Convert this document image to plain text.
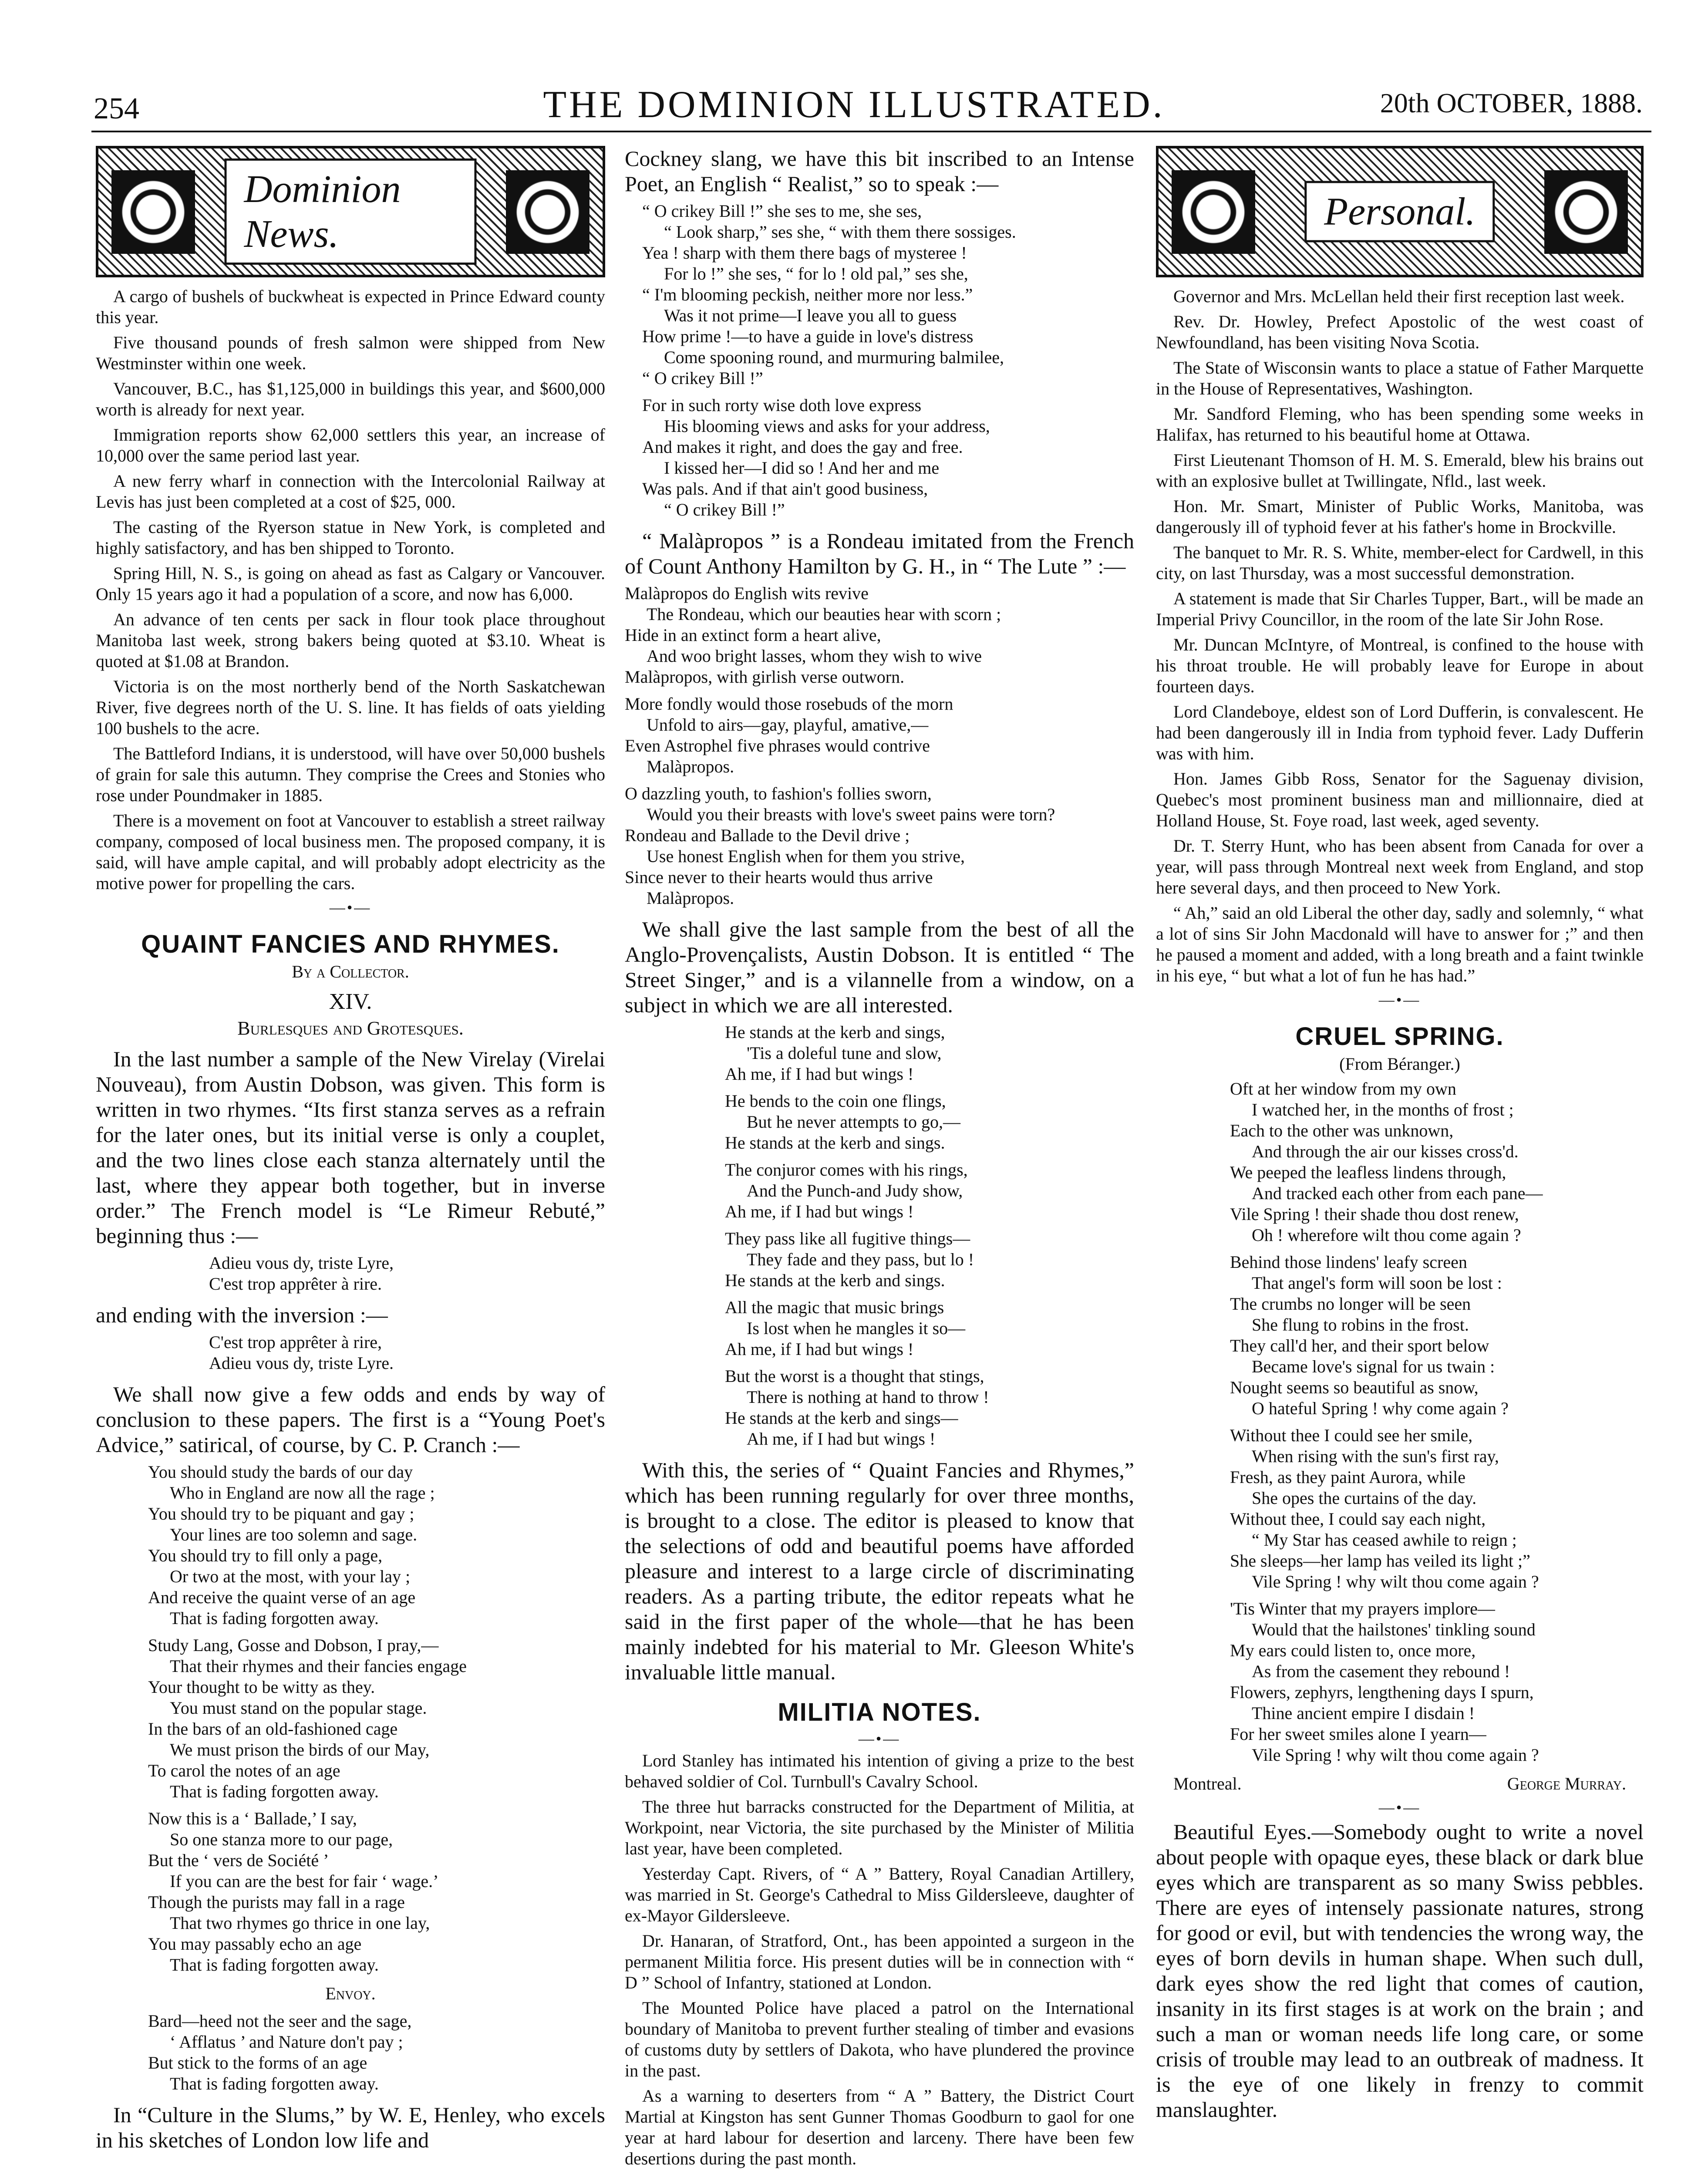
254	THE DOMINION ILLUSTRATED.	20th OCTOBER, 1888.
Dominion News.

A cargo of bushels of buckwheat is expected in Prince Edward county this year.

Five thousand pounds of fresh salmon were shipped from New Westminster within one week.

Vancouver, B.C., has $1,125,000 in buildings this year, and $600,000 worth is already for next year.

Immigration reports show 62,000 settlers this year, an increase of 10,000 over the same period last year.

A new ferry wharf in connection with the Intercolonial Railway at Levis has just been completed at a cost of $25, 000.

The casting of the Ryerson statue in New York, is completed and highly satisfactory, and has ben shipped to Toronto.

Spring Hill, N. S., is going on ahead as fast as Calgary or Vancouver. Only 15 years ago it had a population of a score, and now has 6,000.

An advance of ten cents per sack in flour took place throughout Manitoba last week, strong bakers being quoted at $3.10. Wheat is quoted at $1.08 at Brandon.

Victoria is on the most northerly bend of the North Saskatchewan River, five degrees north of the U. S. line. It has fields of oats yielding 100 bushels to the acre.

The Battleford Indians, it is understood, will have over 50,000 bushels of grain for sale this autumn. They comprise the Crees and Stonies who rose under Poundmaker in 1885.

There is a movement on foot at Vancouver to establish a street railway company, composed of local business men. The proposed company, it is said, will have ample capital, and will probably adopt electricity as the motive power for propelling the cars.

—•—
QUAINT FANCIES AND RHYMES.
By a Collector.
XIV.
Burlesques and Grotesques.

In the last number a sample of the New Virelay (Virelai Nouveau), from Austin Dobson, was given. This form is written in two rhymes. “Its first stanza serves as a refrain for the later ones, but its initial verse is only a couplet, and the two lines close each stanza alternately until the last, where they appear both together, but in inverse order.” The French model is “Le Rimeur Rebuté,” beginning thus :—

Adieu vous dy, triste Lyre,
C'est trop apprêter à rire.

and ending with the inversion :—

C'est trop apprêter à rire,
Adieu vous dy, triste Lyre.

We shall now give a few odds and ends by way of conclusion to these papers. The first is a “Young Poet's Advice,” satirical, of course, by C. P. Cranch :—

You should study the bards of our day
Who in England are now all the rage ;
You should try to be piquant and gay ;
Your lines are too solemn and sage.
You should try to fill only a page,
Or two at the most, with your lay ;
And receive the quaint verse of an age
That is fading forgotten away.
Study Lang, Gosse and Dobson, I pray,—
That their rhymes and their fancies engage
Your thought to be witty as they.
You must stand on the popular stage.
In the bars of an old-fashioned cage
We must prison the birds of our May,
To carol the notes of an age
That is fading forgotten away.
Now this is a ‘ Ballade,’ I say,
So one stanza more to our page,
But the ‘ vers de Société ’
If you can are the best for fair ‘ wage.’
Though the purists may fall in a rage
That two rhymes go thrice in one lay,
You may passably echo an age
That is fading forgotten away.
Envoy.
Bard—heed not the seer and the sage,
‘ Afflatus ’ and Nature don't pay ;
But stick to the forms of an age
That is fading forgotten away.

In “Culture in the Slums,” by W. E, Henley, who excels in his sketches of London low life and

Cockney slang, we have this bit inscribed to an Intense Poet, an English “ Realist,” so to speak :—

“ O crikey Bill !” she ses to me, she ses,
“ Look sharp,” ses she, “ with them there sossiges.
Yea ! sharp with them there bags of mysteree !
For lo !” she ses, “ for lo ! old pal,” ses she,
“ I'm blooming peckish, neither more nor less.”
Was it not prime—I leave you all to guess
How prime !—to have a guide in love's distress
Come spooning round, and murmuring balmilee,
“ O crikey Bill !”
For in such rorty wise doth love express
His blooming views and asks for your address,
And makes it right, and does the gay and free.
I kissed her—I did so ! And her and me
Was pals. And if that ain't good business,
“ O crikey Bill !”

“ Malàpropos ” is a Rondeau imitated from the French of Count Anthony Hamilton by G. H., in “ The Lute ” :—

Malàpropos do English wits revive
The Rondeau, which our beauties hear with scorn ;
Hide in an extinct form a heart alive,
And woo bright lasses, whom they wish to wive
Malàpropos, with girlish verse outworn.
More fondly would those rosebuds of the morn
Unfold to airs—gay, playful, amative,—
Even Astrophel five phrases would contrive
Malàpropos.
O dazzling youth, to fashion's follies sworn,
Would you their breasts with love's sweet pains were torn?
Rondeau and Ballade to the Devil drive ;
Use honest English when for them you strive,
Since never to their hearts would thus arrive
Malàpropos.

We shall give the last sample from the best of all the Anglo-Provençalists, Austin Dobson. It is entitled “ The Street Singer,” and is a vilannelle from a window, on a subject in which we are all interested.

He stands at the kerb and sings,
'Tis a doleful tune and slow,
Ah me, if I had but wings !
He bends to the coin one flings,
But he never attempts to go,—
He stands at the kerb and sings.
The conjuror comes with his rings,
And the Punch-and Judy show,
Ah me, if I had but wings !
They pass like all fugitive things—
They fade and they pass, but lo !
He stands at the kerb and sings.
All the magic that music brings
Is lost when he mangles it so—
Ah me, if I had but wings !
But the worst is a thought that stings,
There is nothing at hand to throw !
He stands at the kerb and sings—
Ah me, if I had but wings !

With this, the series of “ Quaint Fancies and Rhymes,” which has been running regularly for over three months, is brought to a close. The editor is pleased to know that the selections of odd and beautiful poems have afforded pleasure and interest to a large circle of discriminating readers. As a parting tribute, the editor repeats what he said in the first paper of the whole—that he has been mainly indebted for his material to Mr. Gleeson White's invaluable little manual.

MILITIA NOTES.
—•—

Lord Stanley has intimated his intention of giving a prize to the best behaved soldier of Col. Turnbull's Cavalry School.

The three hut barracks constructed for the Department of Militia, at Workpoint, near Victoria, the site purchased by the Minister of Militia last year, have been completed.

Yesterday Capt. Rivers, of “ A ” Battery, Royal Canadian Artillery, was married in St. George's Cathedral to Miss Gildersleeve, daughter of ex-Mayor Gildersleeve.

Dr. Hanaran, of Stratford, Ont., has been appointed a surgeon in the permanent Militia force. His present duties will be in connection with “ D ” School of Infantry, stationed at London.

The Mounted Police have placed a patrol on the International boundary of Manitoba to prevent further stealing of timber and evasions of customs duty by settlers of Dakota, who have plundered the province in the past.

As a warning to deserters from “ A ” Battery, the District Court Martial at Kingston has sent Gunner Thomas Goodburn to gaol for one year at hard labour for desertion and larceny. There have been few desertions during the past month.

Personal.

Governor and Mrs. McLellan held their first reception last week.

Rev. Dr. Howley, Prefect Apostolic of the west coast of Newfoundland, has been visiting Nova Scotia.

The State of Wisconsin wants to place a statue of Father Marquette in the House of Representatives, Washington.

Mr. Sandford Fleming, who has been spending some weeks in Halifax, has returned to his beautiful home at Ottawa.

First Lieutenant Thomson of H. M. S. Emerald, blew his brains out with an explosive bullet at Twillingate, Nfld., last week.

Hon. Mr. Smart, Minister of Public Works, Manitoba, was dangerously ill of typhoid fever at his father's home in Brockville.

The banquet to Mr. R. S. White, member-elect for Cardwell, in this city, on last Thursday, was a most successful demonstration.

A statement is made that Sir Charles Tupper, Bart., will be made an Imperial Privy Councillor, in the room of the late Sir John Rose.

Mr. Duncan McIntyre, of Montreal, is confined to the house with his throat trouble. He will probably leave for Europe in about fourteen days.

Lord Clandeboye, eldest son of Lord Dufferin, is convalescent. He had been dangerously ill in India from typhoid fever. Lady Dufferin was with him.

Hon. James Gibb Ross, Senator for the Saguenay division, Quebec's most prominent business man and millionnaire, died at Holland House, St. Foye road, last week, aged seventy.

Dr. T. Sterry Hunt, who has been absent from Canada for over a year, will pass through Montreal next week from England, and stop here several days, and then proceed to New York.

“ Ah,” said an old Liberal the other day, sadly and solemnly, “ what a lot of sins Sir John Macdonald will have to answer for ;” and then he paused a moment and added, with a long breath and a faint twinkle in his eye, “ but what a lot of fun he has had.”

—•—
CRUEL SPRING.
(From Béranger.)
Oft at her window from my own
I watched her, in the months of frost ;
Each to the other was unknown,
And through the air our kisses cross'd.
We peeped the leafless lindens through,
And tracked each other from each pane—
Vile Spring ! their shade thou dost renew,
Oh ! wherefore wilt thou come again ?
Behind those lindens' leafy screen
That angel's form will soon be lost :
The crumbs no longer will be seen
She flung to robins in the frost.
They call'd her, and their sport below
Became love's signal for us twain :
Nought seems so beautiful as snow,
O hateful Spring ! why come again ?
Without thee I could see her smile,
When rising with the sun's first ray,
Fresh, as they paint Aurora, while
She opes the curtains of the day.
Without thee, I could say each night,
“ My Star has ceased awhile to reign ;
She sleeps—her lamp has veiled its light ;”
Vile Spring ! why wilt thou come again ?
'Tis Winter that my prayers implore—
Would that the hailstones' tinkling sound
My ears could listen to, once more,
As from the casement they rebound !
Flowers, zephyrs, lengthening days I spurn,
Thine ancient empire I disdain !
For her sweet smiles alone I yearn—
Vile Spring ! why wilt thou come again ?
Montreal.	George Murray.
—•—

Beautiful Eyes.—Somebody ought to write a novel about people with opaque eyes, these black or dark blue eyes which are transparent as so many Swiss pebbles. There are eyes of intensely passionate natures, strong for good or evil, but with tendencies the wrong way, the eyes of born devils in human shape. When such dull, dark eyes show the red light that comes of caution, insanity in its first stages is at work on the brain ; and such a man or woman needs life long care, or some crisis of trouble may lead to an outbreak of madness. It is the eye of one likely in frenzy to commit manslaughter.
